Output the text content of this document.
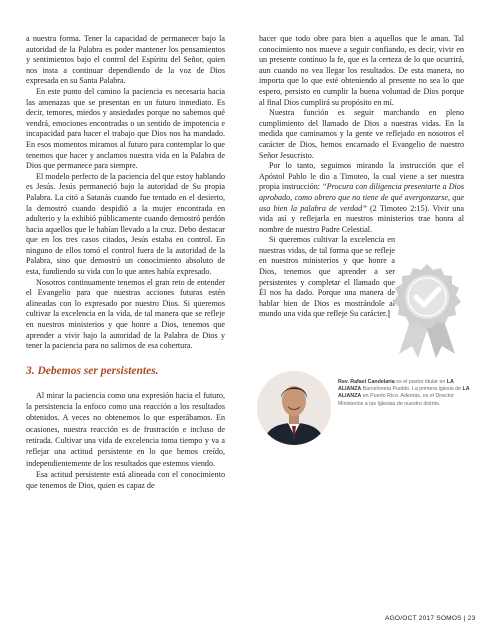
a nuestra forma. Tener la capacidad de permanecer bajo la autoridad de la Palabra es poder mantener los pensamientos y sentimientos bajo el control del Espíritu del Señor, quien nos insta a continuar dependiendo de la voz de Dios expresada en su Santa Palabra.

En este punto del camino la paciencia es necesaria hacia las amenazas que se presentan en un futuro inmediato. Es decir, temores, miedos y ansiedades porque no sabemos qué vendrá, emociones encontradas o un sentido de impotencia e incapacidad para hacer el trabajo que Dios nos ha mandado. En esos momentos miramos al futuro para contemplar lo que tenemos que hacer y anclamos nuestra vida en la Palabra de Dios que permanece para siempre.

El modelo perfecto de la paciencia del que estoy hablando es Jesús. Jesús permaneció bajo la autoridad de Su propia Palabra. La citó a Satanás cuando fue tentado en el desierto, la demostró cuando despidió a la mujer encontrada en adulterio y la exhibió públicamente cuando demostró perdón hacia aquellos que le habían llevado a la cruz. Debo destacar que en los tres casos citados, Jesús estaba en control. En ninguno de ellos tomó el control fuera de la autoridad de la Palabra, sino que demostró un conocimiento absoluto de esta, fundiendo su vida con lo que antes había expresado.

Nosotros continuamente tenemos el gran reto de entender el Evangelio para que nuestras acciones futuras estén alineadas con lo expresado por nuestro Dios. Si queremos cultivar la excelencia en la vida, de tal manera que se refleje en nuestros ministerios y que honre a Dios, tenemos que aprender a vivir bajo la autoridad de la Palabra de Dios y tener la paciencia para no salirnos de esa cobertura.

3. Debemos ser persistentes.

Al mirar la paciencia como una expresión hacia el futuro, la persistencia la enfoco como una reacción a los resultados obtenidos. A veces no obtenemos lo que esperábamos. En ocasiones, nuestra reacción es de frustración e incluso de retirada. Cultivar una vida de excelencia toma tiempo y va a reflejar una actitud persistente en lo que hemos creído, independientemente de los resultados que estemos viendo.

Esa actitud persistente está alineada con el conocimiento que tenemos de Dios, quien es capaz de

hacer que todo obre para bien a aquellos que le aman. Tal conocimiento nos mueve a seguir confiando, es decir, vivir en un presente continuo la fe, que es la certeza de lo que ocurrirá, aun cuando no vea llegar los resultados. De esta manera, no importa que lo que esté obteniendo al presente no sea lo que espero, persisto en cumplir la buena voluntad de Dios porque al final Dios cumplirá su propósito en mí.

Nuestra función es seguir marchando en pleno cumplimiento del llamado de Dios a nuestras vidas. En la medida que caminamos y la gente ve reflejado en nosotros el carácter de Dios, hemos encarnado el Evangelio de nuestro Señor Jesucristo.

Por lo tanto, seguimos mirando la instrucción que el Apóstol Pablo le dio a Timoteo, la cual viene a ser nuestra propia instrucción: “Procura con diligencia presentarte a Dios aprobado, como obrero que no tiene de qué avergonzarse, que usa bien la palabra de verdad” (2 Timoteo 2:15). Vivir una vida así y reflejarla en nuestros ministerios trae honra al nombre de nuestro Padre Celestial.

Si queremos cultivar la excelencia en nuestras vidas, de tal forma que se refleje en nuestros ministerios y que honre a Dios, tenemos que aprender a ser persistentes y completar el llamado que Él nos ha dado. Porque una manera de hablar bien de Dios es mostrándole al mundo una vida que refleje Su carácter.||

Rev. Rafael Candelaria es el pastor titular en LA ALIANZA Barceloneta Pueblo. La primera iglesia de LA ALIANZA en Puerto Rico. Además, es el Director Ministerios a las Iglesias de nuestro distrito.
AGO/OCT 2017 SOMOS | 23
